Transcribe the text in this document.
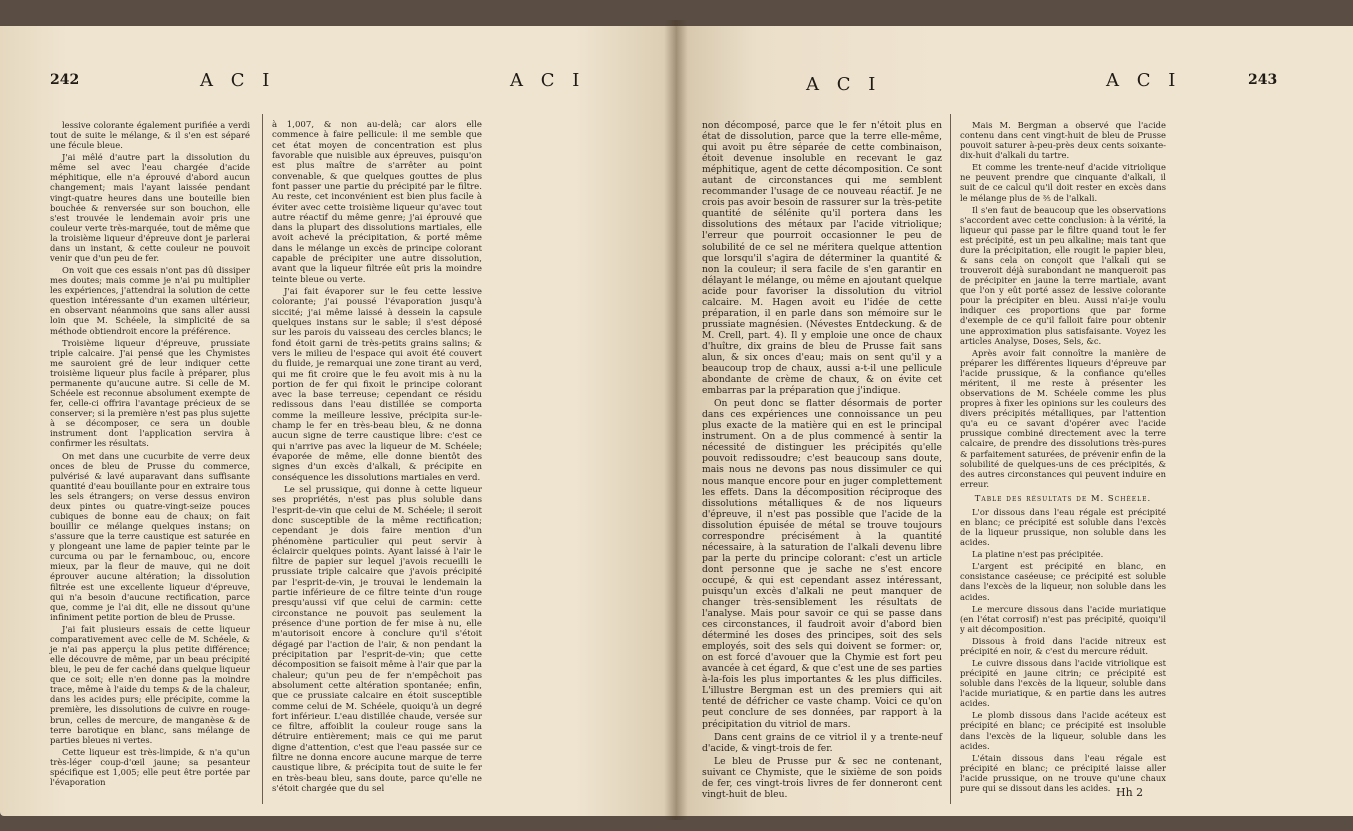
242	A C I	A C I

lessive colorante également purifiée a verdi tout de suite le mélange, & il s'en est séparé une fécule bleue.

J'ai mêlé d'autre part la dissolution du même sel avec l'eau chargée d'acide méphitique, elle n'a éprouvé d'abord aucun changement; mais l'ayant laissée pendant vingt-quatre heures dans une bouteille bien bouchée & renversée sur son bouchon, elle s'est trouvée le lendemain avoir pris une couleur verte très-marquée, tout de même que la troisième liqueur d'épreuve dont je parlerai dans un instant, & cette couleur ne pouvoit venir que d'un peu de fer.

On voit que ces essais n'ont pas dû dissiper mes doutes; mais comme je n'ai pu multiplier les expériences, j'attendrai la solution de cette question intéressante d'un examen ultérieur, en observant néanmoins que sans aller aussi loin que M. Schéele, la simplicité de sa méthode obtiendroit encore la préférence.

Troisième liqueur d'épreuve, prussiate triple calcaire. J'ai pensé que les Chymistes me sauroient gré de leur indiquer cette troisième liqueur plus facile à préparer, plus permanente qu'aucune autre. Si celle de M. Schéele est reconnue absolument exempte de fer, celle-ci offrira l'avantage précieux de se conserver; si la première n'est pas plus sujette à se décomposer, ce sera un double instrument dont l'application servira à confirmer les résultats.

On met dans une cucurbite de verre deux onces de bleu de Prusse du commerce, pulvérisé & lavé auparavant dans suffisante quantité d'eau bouillante pour en extraire tous les sels étrangers; on verse dessus environ deux pintes ou quatre-vingt-seize pouces cubiques de bonne eau de chaux; on fait bouillir ce mélange quelques instans; on s'assure que la terre caustique est saturée en y plongeant une lame de papier teinte par le curcuma ou par le fernambouc, ou, encore mieux, par la fleur de mauve, qui ne doit éprouver aucune altération; la dissolution filtrée est une excellente liqueur d'épreuve, qui n'a besoin d'aucune rectification, parce que, comme je l'ai dit, elle ne dissout qu'une infiniment petite portion de bleu de Prusse.

J'ai fait plusieurs essais de cette liqueur comparativement avec celle de M. Schéele, & je n'ai pas apperçu la plus petite différence; elle découvre de même, par un beau précipité bleu, le peu de fer caché dans quelque liqueur que ce soit; elle n'en donne pas la moindre trace, même à l'aide du temps & de la chaleur, dans les acides purs; elle précipite, comme la première, les dissolutions de cuivre en rouge-brun, celles de mercure, de manganèse & de terre barotique en blanc, sans mélange de parties bleues ni vertes.

Cette liqueur est très-limpide, & n'a qu'un très-léger coup-d'œil jaune; sa pesanteur spécifique est 1,005; elle peut être portée par l'évaporation

à 1,007, & non au-delà; car alors elle commence à faire pellicule: il me semble que cet état moyen de concentration est plus favorable que nuisible aux épreuves, puisqu'on est plus maître de s'arrêter au point convenable, & que quelques gouttes de plus font passer une partie du précipité par le filtre. Au reste, cet inconvénient est bien plus facile à éviter avec cette troisième liqueur qu'avec tout autre réactif du même genre; j'ai éprouvé que dans la plupart des dissolutions martiales, elle avoit achevé la précipitation, & porté même dans le mélange un excès de principe colorant capable de précipiter une autre dissolution, avant que la liqueur filtrée eût pris la moindre teinte bleue ou verte.

J'ai fait évaporer sur le feu cette lessive colorante; j'ai poussé l'évaporation jusqu'à siccité; j'ai même laissé à dessein la capsule quelques instans sur le sable; il s'est déposé sur les parois du vaisseau des cercles blancs; le fond étoit garni de très-petits grains salins; & vers le milieu de l'espace qui avoit été couvert du fluide, je remarquai une zone tirant au verd, qui me fit croire que le feu avoit mis à nu la portion de fer qui fixoit le principe colorant avec la base terreuse; cependant ce résidu redissous dans l'eau distillée se comporta comme la meilleure lessive, précipita sur-le-champ le fer en très-beau bleu, & ne donna aucun signe de terre caustique libre: c'est ce qui n'arrive pas avec la liqueur de M. Schéele; évaporée de même, elle donne bientôt des signes d'un excès d'alkali, & précipite en conséquence les dissolutions martiales en verd.

Le sel prussique, qui donne à cette liqueur ses propriétés, n'est pas plus soluble dans l'esprit-de-vin que celui de M. Schéele; il seroit donc susceptible de la même rectification; cependant je dois faire mention d'un phénomène particulier qui peut servir à éclaircir quelques points. Ayant laissé à l'air le filtre de papier sur lequel j'avois recueilli le prussiate triple calcaire que j'avois précipité par l'esprit-de-vin, je trouvai le lendemain la partie inférieure de ce filtre teinte d'un rouge presqu'aussi vif que celui de carmin: cette circonstance ne pouvoit pas seulement la présence d'une portion de fer mise à nu, elle m'autorisoit encore à conclure qu'il s'étoit dégagé par l'action de l'air, & non pendant la précipitation par l'esprit-de-vin; que cette décomposition se faisoit même à l'air que par la chaleur; qu'un peu de fer n'empêchoit pas absolument cette altération spontanée; enfin, que ce prussiate calcaire en étoit susceptible comme celui de M. Schéele, quoiqu'à un degré fort inférieur. L'eau distillée chaude, versée sur ce filtre, affoiblit la couleur rouge sans la détruire entièrement; mais ce qui me parut digne d'attention, c'est que l'eau passée sur ce filtre ne donna encore aucune marque de terre caustique libre, & précipita tout de suite le fer en très-beau bleu, sans doute, parce qu'elle ne s'étoit chargée que du sel

A C I	A C I	243

non décomposé, parce que le fer n'étoit plus en état de dissolution, parce que la terre elle-même, qui avoit pu être séparée de cette combinaison, étoit devenue insoluble en recevant le gaz méphitique, agent de cette décomposition. Ce sont autant de circonstances qui me semblent recommander l'usage de ce nouveau réactif. Je ne crois pas avoir besoin de rassurer sur la très-petite quantité de sélénite qu'il portera dans les dissolutions des métaux par l'acide vitriolique; l'erreur que pourroit occasionner le peu de solubilité de ce sel ne méritera quelque attention que lorsqu'il s'agira de déterminer la quantité & non la couleur; il sera facile de s'en garantir en délayant le mélange, ou même en ajoutant quelque acide pour favoriser la dissolution du vitriol calcaire. M. Hagen avoit eu l'idée de cette préparation, il en parle dans son mémoire sur le prussiate magnésien. (Névestes Entdeckung. & de M. Crell, part. 4). Il y emploie une once de chaux d'huître, dix grains de bleu de Prusse fait sans alun, & six onces d'eau; mais on sent qu'il y a beaucoup trop de chaux, aussi a-t-il une pellicule abondante de crème de chaux, & on évite cet embarras par la préparation que j'indique.

On peut donc se flatter désormais de porter dans ces expériences une connoissance un peu plus exacte de la matière qui en est le principal instrument. On a de plus commencé à sentir la nécessité de distinguer les précipités qu'elle pouvoit redissoudre; c'est beaucoup sans doute, mais nous ne devons pas nous dissimuler ce qui nous manque encore pour en juger complettement les effets. Dans la décomposition réciproque des dissolutions métalliques & de nos liqueurs d'épreuve, il n'est pas possible que l'acide de la dissolution épuisée de métal se trouve toujours correspondre précisément à la quantité nécessaire, à la saturation de l'alkali devenu libre par la perte du principe colorant: c'est un article dont personne que je sache ne s'est encore occupé, & qui est cependant assez intéressant, puisqu'un excès d'alkali ne peut manquer de changer très-sensiblement les résultats de l'analyse. Mais pour savoir ce qui se passe dans ces circonstances, il faudroit avoir d'abord bien déterminé les doses des principes, soit des sels employés, soit des sels qui doivent se former: or, on est forcé d'avouer que la Chymie est fort peu avancée à cet égard, & que c'est une de ses parties à-la-fois les plus importantes & les plus difficiles. L'illustre Bergman est un des premiers qui ait tenté de défricher ce vaste champ. Voici ce qu'on peut conclure de ses données, par rapport à la précipitation du vitriol de mars.

Dans cent grains de ce vitriol il y a trente-neuf d'acide, & vingt-trois de fer.

Le bleu de Prusse pur & sec ne contenant, suivant ce Chymiste, que le sixième de son poids de fer, ces vingt-trois livres de fer donneront cent vingt-huit de bleu.

Mais M. Bergman a observé que l'acide contenu dans cent vingt-huit de bleu de Prusse pouvoit saturer à-peu-près deux cents soixante-dix-huit d'alkali du tartre.

Et comme les trente-neuf d'acide vitriolique ne peuvent prendre que cinquante d'alkali, il suit de ce calcul qu'il doit rester en excès dans le mélange plus de ⅗ de l'alkali.

Il s'en faut de beaucoup que les observations s'accordent avec cette conclusion: à la vérité, la liqueur qui passe par le filtre quand tout le fer est précipité, est un peu alkaline; mais tant que dure la précipitation, elle rougit le papier bleu, & sans cela on conçoit que l'alkali qui se trouveroit déjà surabondant ne manqueroit pas de précipiter en jaune la terre martiale, avant que l'on y eût porté assez de lessive colorante pour la précipiter en bleu. Aussi n'ai-je voulu indiquer ces proportions que par forme d'exemple de ce qu'il falloit faire pour obtenir une approximation plus satisfaisante. Voyez les articles Analyse, Doses, Sels, &c.

Après avoir fait connoître la manière de préparer les différentes liqueurs d'épreuve par l'acide prussique, & la confiance qu'elles méritent, il me reste à présenter les observations de M. Schéele comme les plus propres à fixer les opinions sur les couleurs des divers précipités métalliques, par l'attention qu'a eu ce savant d'opérer avec l'acide prussique combiné directement avec la terre calcaire, de prendre des dissolutions très-pures & parfaitement saturées, de prévenir enfin de la solubilité de quelques-uns de ces précipités, & des autres circonstances qui peuvent induire en erreur.

Table des résultats de M. Schéele.

L'or dissous dans l'eau régale est précipité en blanc; ce précipité est soluble dans l'excès de la liqueur prussique, non soluble dans les acides.

La platine n'est pas précipitée.

L'argent est précipité en blanc, en consistance caséeuse; ce précipité est soluble dans l'excès de la liqueur, non soluble dans les acides.

Le mercure dissous dans l'acide muriatique (en l'état corrosif) n'est pas précipité, quoiqu'il y ait décomposition.

Dissous à froid dans l'acide nitreux est précipité en noir, & c'est du mercure réduit.

Le cuivre dissous dans l'acide vitriolique est précipité en jaune citrin; ce précipité est soluble dans l'excès de la liqueur, soluble dans l'acide muriatique, & en partie dans les autres acides.

Le plomb dissous dans l'acide acéteux est précipité en blanc; ce précipité est insoluble dans l'excès de la liqueur, soluble dans les acides.

L'étain dissous dans l'eau régale est précipité en blanc; ce précipité laisse aller l'acide prussique, on ne trouve qu'une chaux pure qui se dissout dans les acides. Hh 2
